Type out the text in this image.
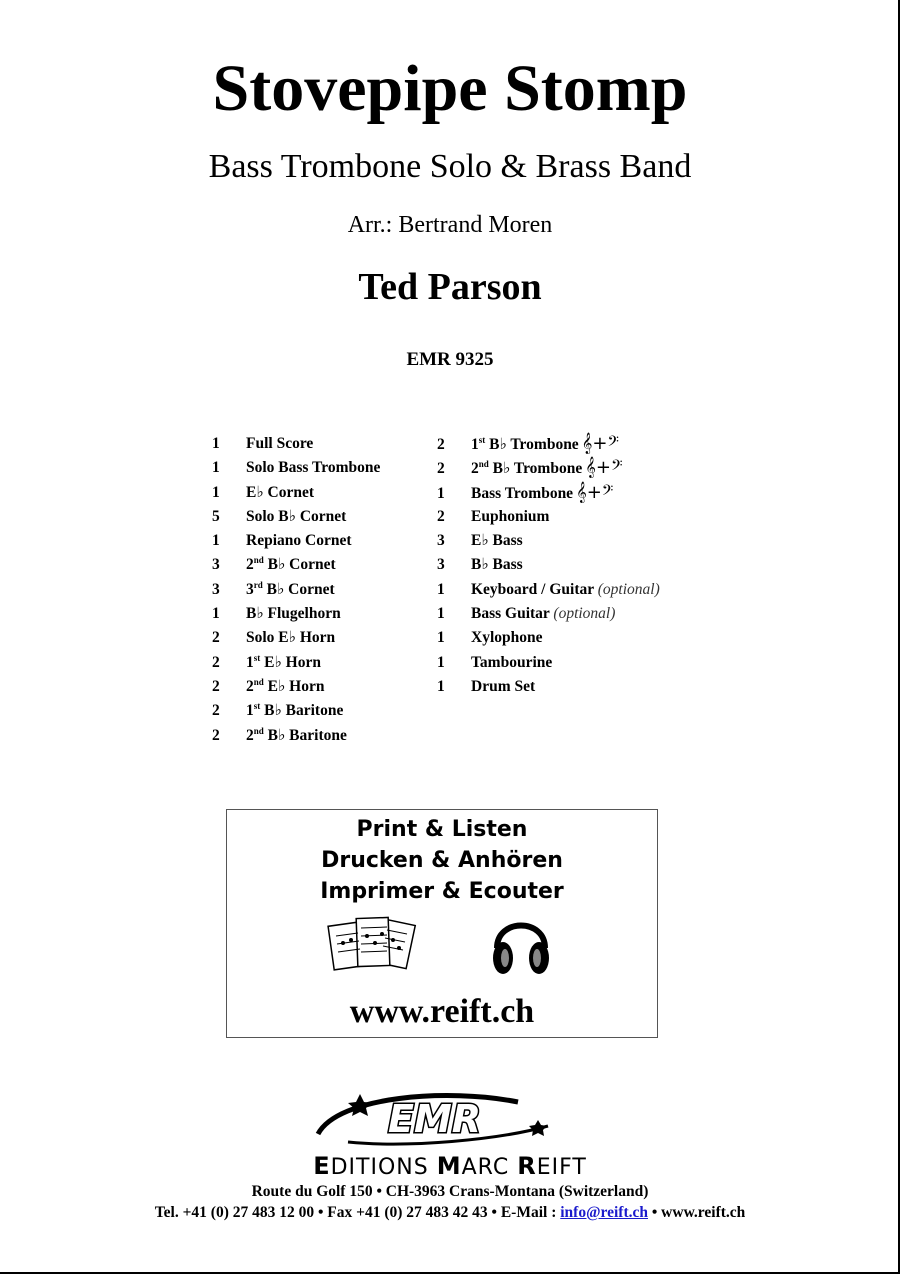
Stovepipe Stomp
Bass Trombone Solo & Brass Band
Arr.: Bertrand Moren
Ted Parson
EMR 9325
1 Full Score
1 Solo Bass Trombone
1 E♭ Cornet
5 Solo B♭ Cornet
1 Repiano Cornet
3 2nd B♭ Cornet
3 3rd B♭ Cornet
1 B♭ Flugelhorn
2 Solo E♭ Horn
2 1st E♭ Horn
2 2nd E♭ Horn
2 1st B♭ Baritone
2 2nd B♭ Baritone
2 1st B♭ Trombone 𝄞+𝄢
2 2nd B♭ Trombone 𝄞+𝄢
1 Bass Trombone 𝄞+𝄢
2 Euphonium
3 E♭ Bass
3 B♭ Bass
1 Keyboard / Guitar (optional)
1 Bass Guitar (optional)
1 Xylophone
1 Tambourine
1 Drum Set
Print & Listen
Drucken & Anhören
Imprimer & Ecouter
www.reift.ch
EMR
EDITIONS MARC REIFT
Route du Golf 150 • CH-3963 Crans-Montana (Switzerland)
Tel. +41 (0) 27 483 12 00 • Fax +41 (0) 27 483 42 43 • E-Mail : info@reift.ch • www.reift.ch
